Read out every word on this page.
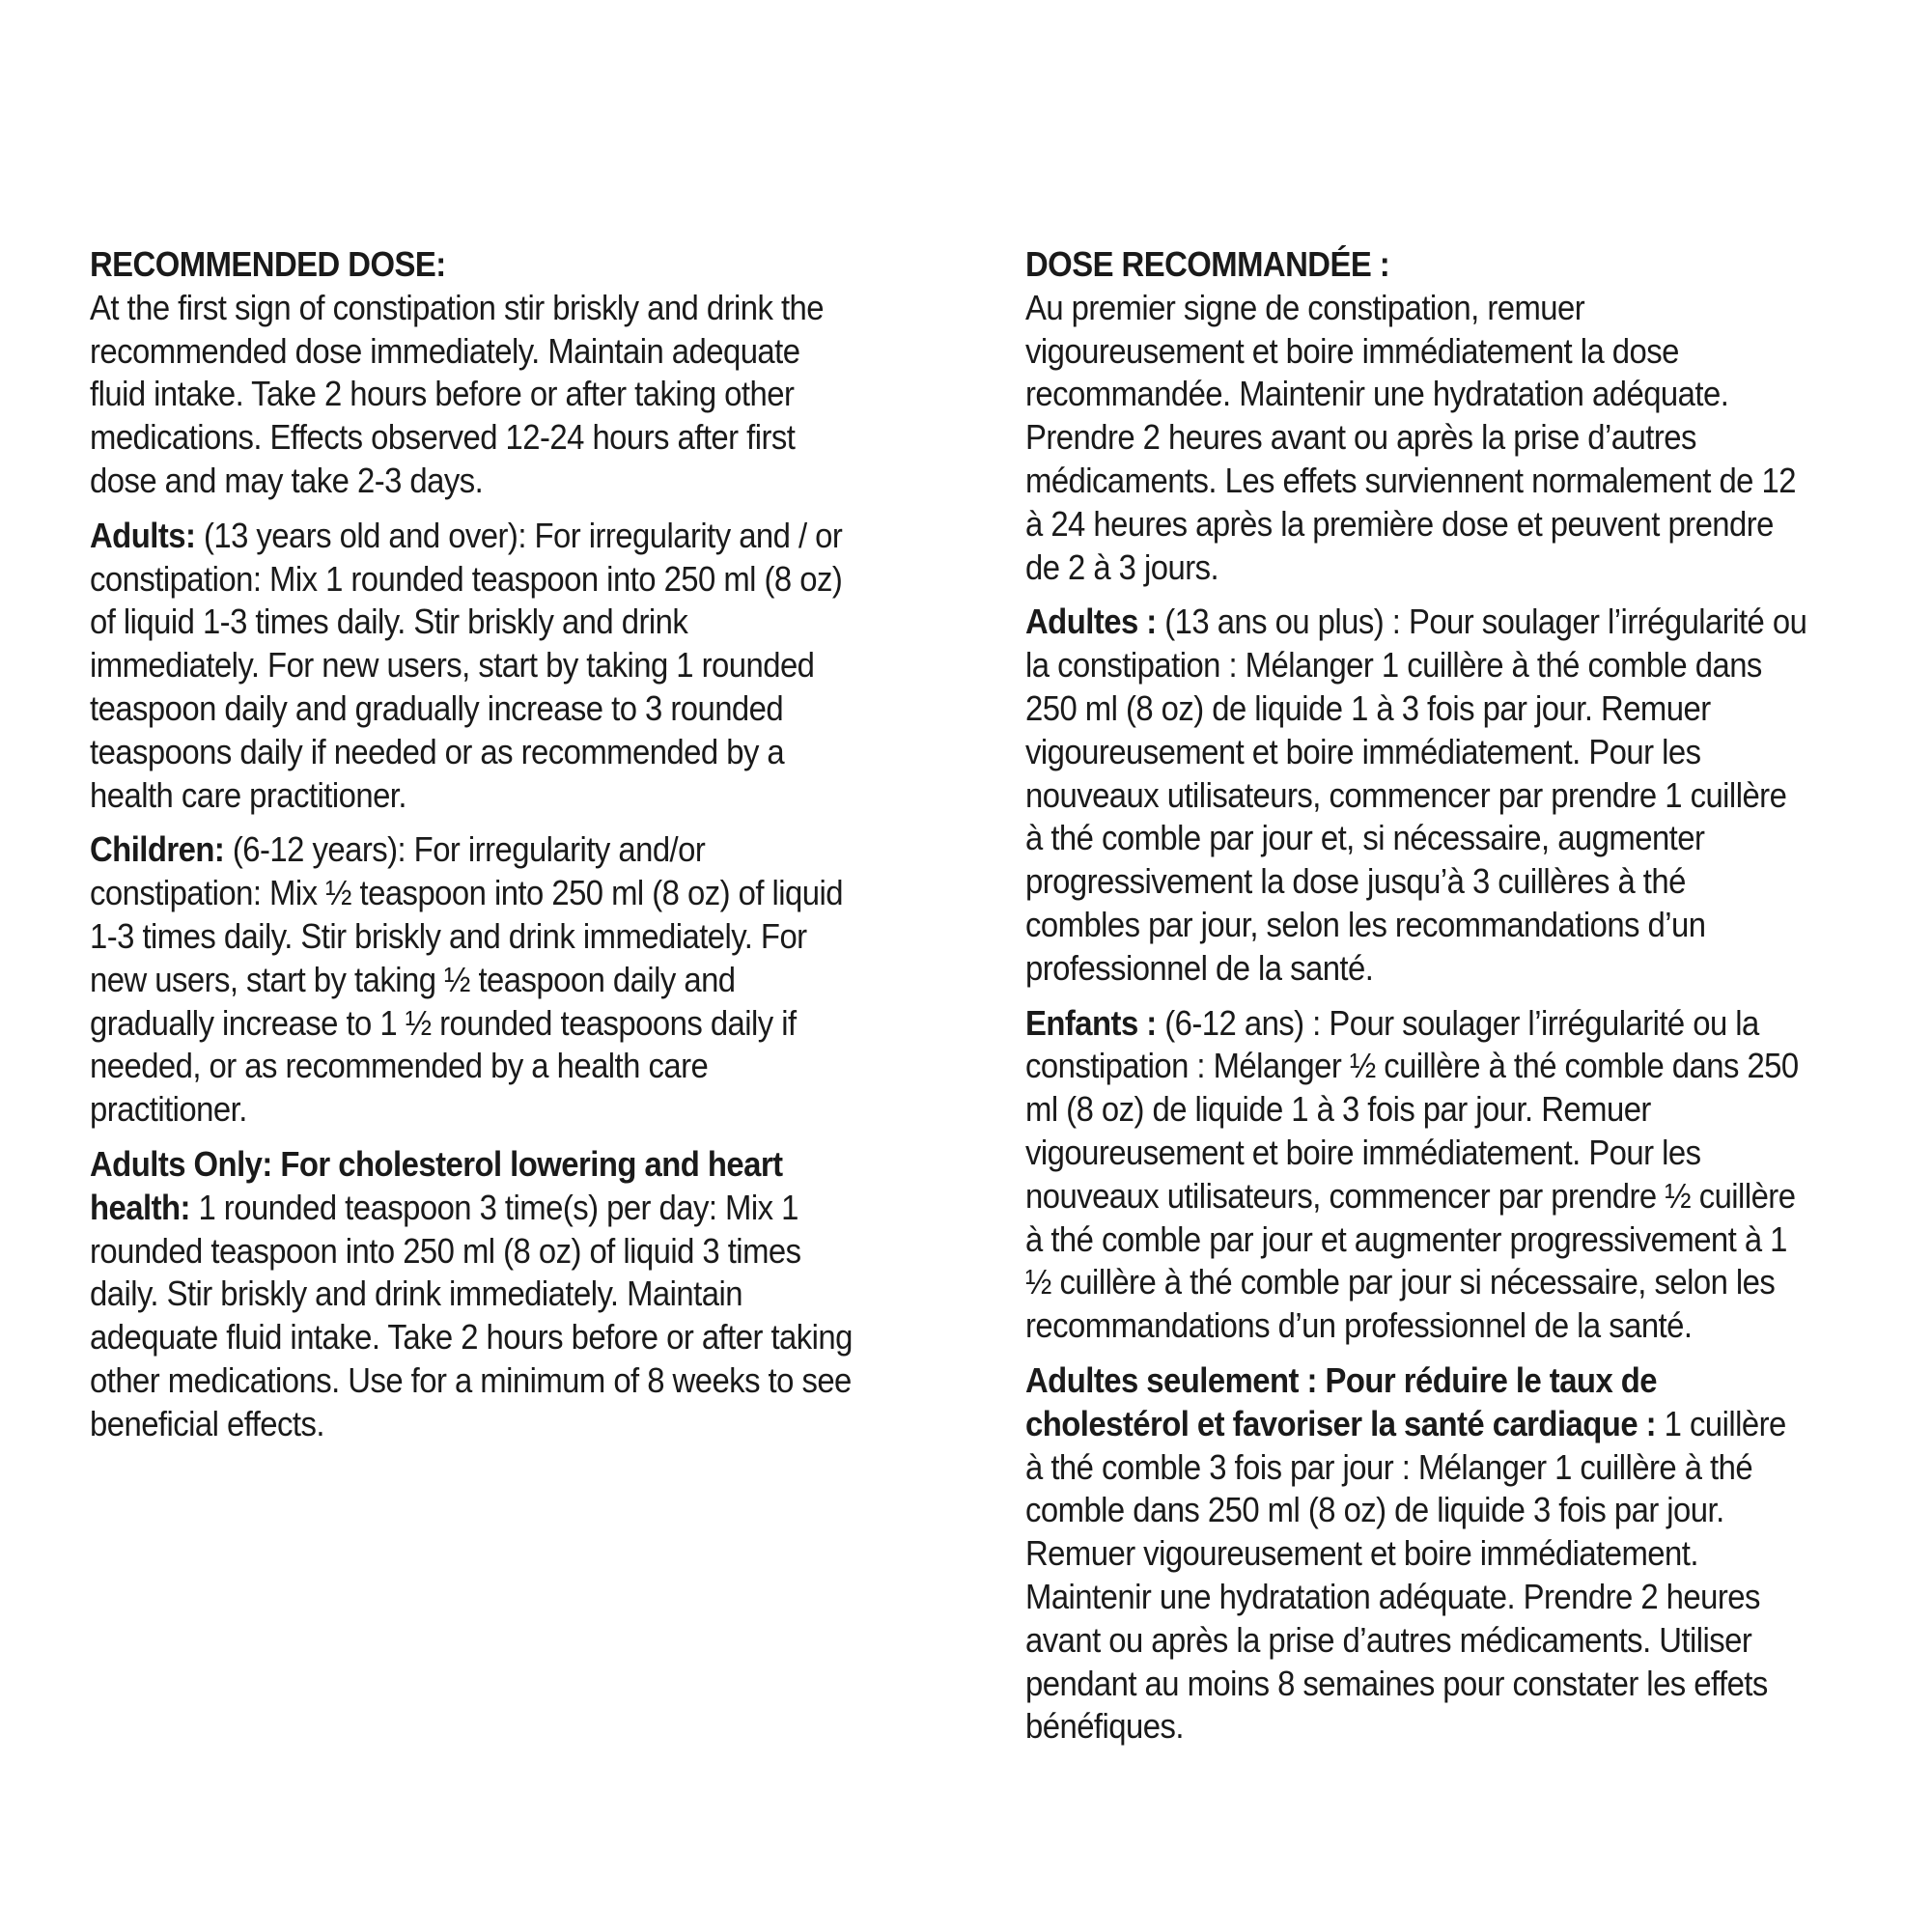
RECOMMENDED DOSE:
At the first sign of constipation stir briskly and drink the
recommended dose immediately. Maintain adequate
fluid intake. Take 2 hours before or after taking other
medications. Effects observed 12-24 hours after first
dose and may take 2-3 days.
Adults: (13 years old and over): For irregularity and / or
constipation: Mix 1 rounded teaspoon into 250 ml (8 oz)
of liquid 1-3 times daily. Stir briskly and drink
immediately. For new users, start by taking 1 rounded
teaspoon daily and gradually increase to 3 rounded
teaspoons daily if needed or as recommended by a
health care practitioner.
Children: (6-12 years): For irregularity and/or
constipation: Mix ½ teaspoon into 250 ml (8 oz) of liquid
1-3 times daily. Stir briskly and drink immediately. For
new users, start by taking ½ teaspoon daily and
gradually increase to 1 ½ rounded teaspoons daily if
needed, or as recommended by a health care
practitioner.
Adults Only: For cholesterol lowering and heart
health: 1 rounded teaspoon 3 time(s) per day: Mix 1
rounded teaspoon into 250 ml (8 oz) of liquid 3 times
daily. Stir briskly and drink immediately. Maintain
adequate fluid intake. Take 2 hours before or after taking
other medications. Use for a minimum of 8 weeks to see
beneficial effects.
DOSE RECOMMANDÉE :
Au premier signe de constipation, remuer
vigoureusement et boire immédiatement la dose
recommandée. Maintenir une hydratation adéquate.
Prendre 2 heures avant ou après la prise d’autres
médicaments. Les effets surviennent normalement de 12
à 24 heures après la première dose et peuvent prendre
de 2 à 3 jours.
Adultes : (13 ans ou plus) : Pour soulager l’irrégularité ou
la constipation : Mélanger 1 cuillère à thé comble dans
250 ml (8 oz) de liquide 1 à 3 fois par jour. Remuer
vigoureusement et boire immédiatement. Pour les
nouveaux utilisateurs, commencer par prendre 1 cuillère
à thé comble par jour et, si nécessaire, augmenter
progressivement la dose jusqu’à 3 cuillères à thé
combles par jour, selon les recommandations d’un
professionnel de la santé.
Enfants : (6-12 ans) : Pour soulager l’irrégularité ou la
constipation : Mélanger ½ cuillère à thé comble dans 250
ml (8 oz) de liquide 1 à 3 fois par jour. Remuer
vigoureusement et boire immédiatement. Pour les
nouveaux utilisateurs, commencer par prendre ½ cuillère
à thé comble par jour et augmenter progressivement à 1
½ cuillère à thé comble par jour si nécessaire, selon les
recommandations d’un professionnel de la santé.
Adultes seulement : Pour réduire le taux de
cholestérol et favoriser la santé cardiaque : 1 cuillère
à thé comble 3 fois par jour : Mélanger 1 cuillère à thé
comble dans 250 ml (8 oz) de liquide 3 fois par jour.
Remuer vigoureusement et boire immédiatement.
Maintenir une hydratation adéquate. Prendre 2 heures
avant ou après la prise d’autres médicaments. Utiliser
pendant au moins 8 semaines pour constater les effets
bénéfiques.
